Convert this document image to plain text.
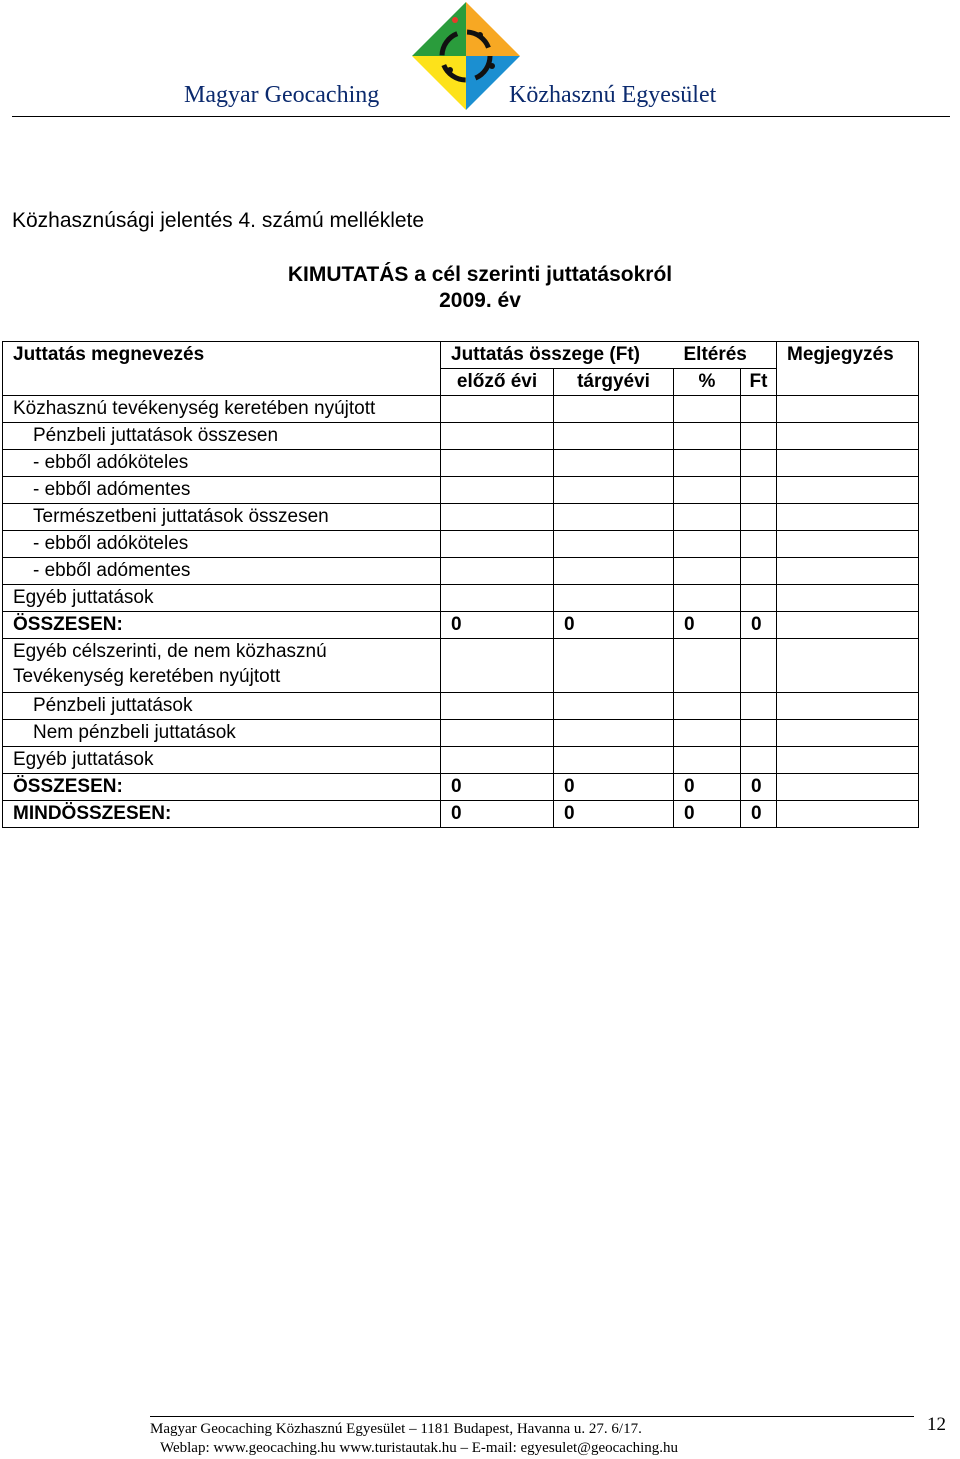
Magyar Geocaching	Közhasznú Egyesület
Közhasznúsági jelentés 4. számú melléklete
KIMUTATÁS a cél szerinti juttatásokról
2009. év
Juttatás megnevezés	Juttatás összege (Ft)		Eltérés		Megjegyzés
	előző évi	tárgyévi	%	Ft	
Közhasznú tevékenység keretében nyújtott					
Pénzbeli juttatások összesen					
- ebből adóköteles					
- ebből adómentes					
Természetbeni juttatások összesen					
- ebből adóköteles					
- ebből adómentes					
Egyéb juttatások					
ÖSSZESEN:	0	0	0	0	

Egyéb célszerinti, de nem közhasznú
Tevékenység keretében nyújtott					

Pénzbeli juttatások					
Nem pénzbeli juttatások					
Egyéb juttatások					
ÖSSZESEN:	0	0	0	0	
MINDÖSSZESEN:	0	0	0	0	
Magyar Geocaching Közhasznú Egyesület – 1181 Budapest, Havanna u. 27. 6/17.
Weblap: www.geocaching.hu www.turistautak.hu – E-mail: egyesulet@geocaching.hu
12
